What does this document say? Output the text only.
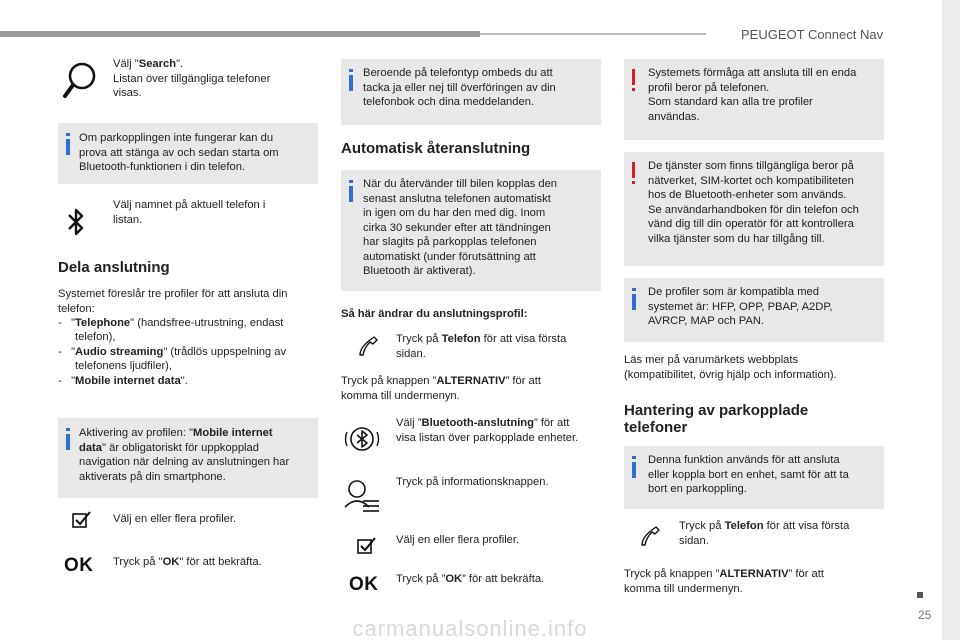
PEUGEOT Connect Nav
25
carmanualsonline.info
Välj "Search".
Listan över tillgängliga telefoner
visas.
Om parkopplingen inte fungerar kan du
prova att stänga av och sedan starta om
Bluetooth-funktionen i din telefon.
Välj namnet på aktuell telefon i
listan.
Dela anslutning
Systemet föreslår tre profiler för att ansluta din
telefon:
- "Telephone" (handsfree-utrustning, endast
telefon),
- "Audio streaming" (trådlös uppspelning av
telefonens ljudfiler),
- "Mobile internet data".
Aktivering av profilen: "Mobile internet
data" är obligatoriskt för uppkopplad
navigation när delning av anslutningen har
aktiverats på din smartphone.
Välj en eller flera profiler.
OK Tryck på "OK" för att bekräfta.
Beroende på telefontyp ombeds du att
tacka ja eller nej till överföringen av din
telefonbok och dina meddelanden.
Automatisk återanslutning
När du återvänder till bilen kopplas den
senast anslutna telefonen automatiskt
in igen om du har den med dig. Inom
cirka 30 sekunder efter att tändningen
har slagits på parkopplas telefonen
automatiskt (under förutsättning att
Bluetooth är aktiverat).
Så här ändrar du anslutningsprofil:
Tryck på Telefon för att visa första
sidan.
Tryck på knappen ”ALTERNATIV” för att
komma till undermenyn.
Välj ”Bluetooth-anslutning” för att
visa listan över parkopplade enheter.
Tryck på informationsknappen.
Välj en eller flera profiler.
OK Tryck på ”OK” för att bekräfta.
Systemets förmåga att ansluta till en enda
profil beror på telefonen.
Som standard kan alla tre profiler
användas.
De tjänster som finns tillgängliga beror på
nätverket, SIM-kortet och kompatibiliteten
hos de Bluetooth-enheter som används.
Se användarhandboken för din telefon och
vänd dig till din operatör för att kontrollera
vilka tjänster som du har tillgång till.
De profiler som är kompatibla med
systemet är: HFP, OPP, PBAP, A2DP,
AVRCP, MAP och PAN.
Läs mer på varumärkets webbplats
(kompatibilitet, övrig hjälp och information).
Hantering av parkopplade
telefoner
Denna funktion används för att ansluta
eller koppla bort en enhet, samt för att ta
bort en parkoppling.
Tryck på Telefon för att visa första
sidan.
Tryck på knappen ”ALTERNATIV” för att
komma till undermenyn.
